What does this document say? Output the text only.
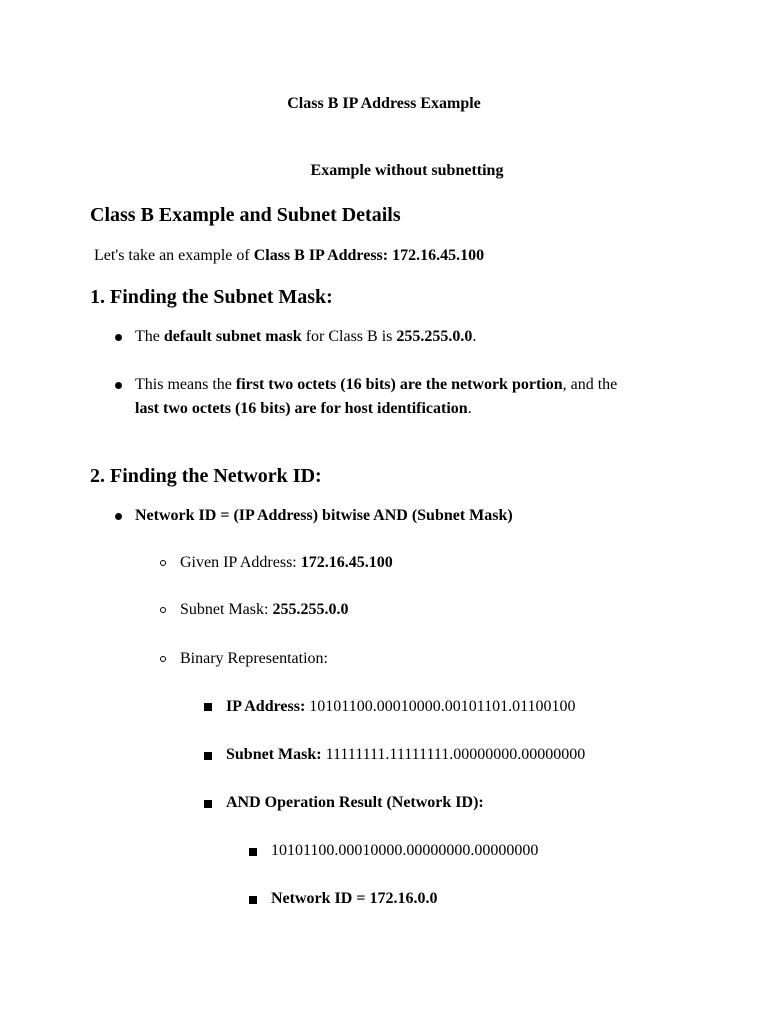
Class B IP Address Example
Example without subnetting
Class B Example and Subnet Details
Let's take an example of Class B IP Address: 172.16.45.100
1. Finding the Subnet Mask:
The default subnet mask for Class B is 255.255.0.0.
This means the first two octets (16 bits) are the network portion, and the
last two octets (16 bits) are for host identification.
2. Finding the Network ID:
Network ID = (IP Address) bitwise AND (Subnet Mask)
Given IP Address: 172.16.45.100
Subnet Mask: 255.255.0.0
Binary Representation:
IP Address: 10101100.00010000.00101101.01100100
Subnet Mask: 11111111.11111111.00000000.00000000
AND Operation Result (Network ID):
10101100.00010000.00000000.00000000
Network ID = 172.16.0.0
